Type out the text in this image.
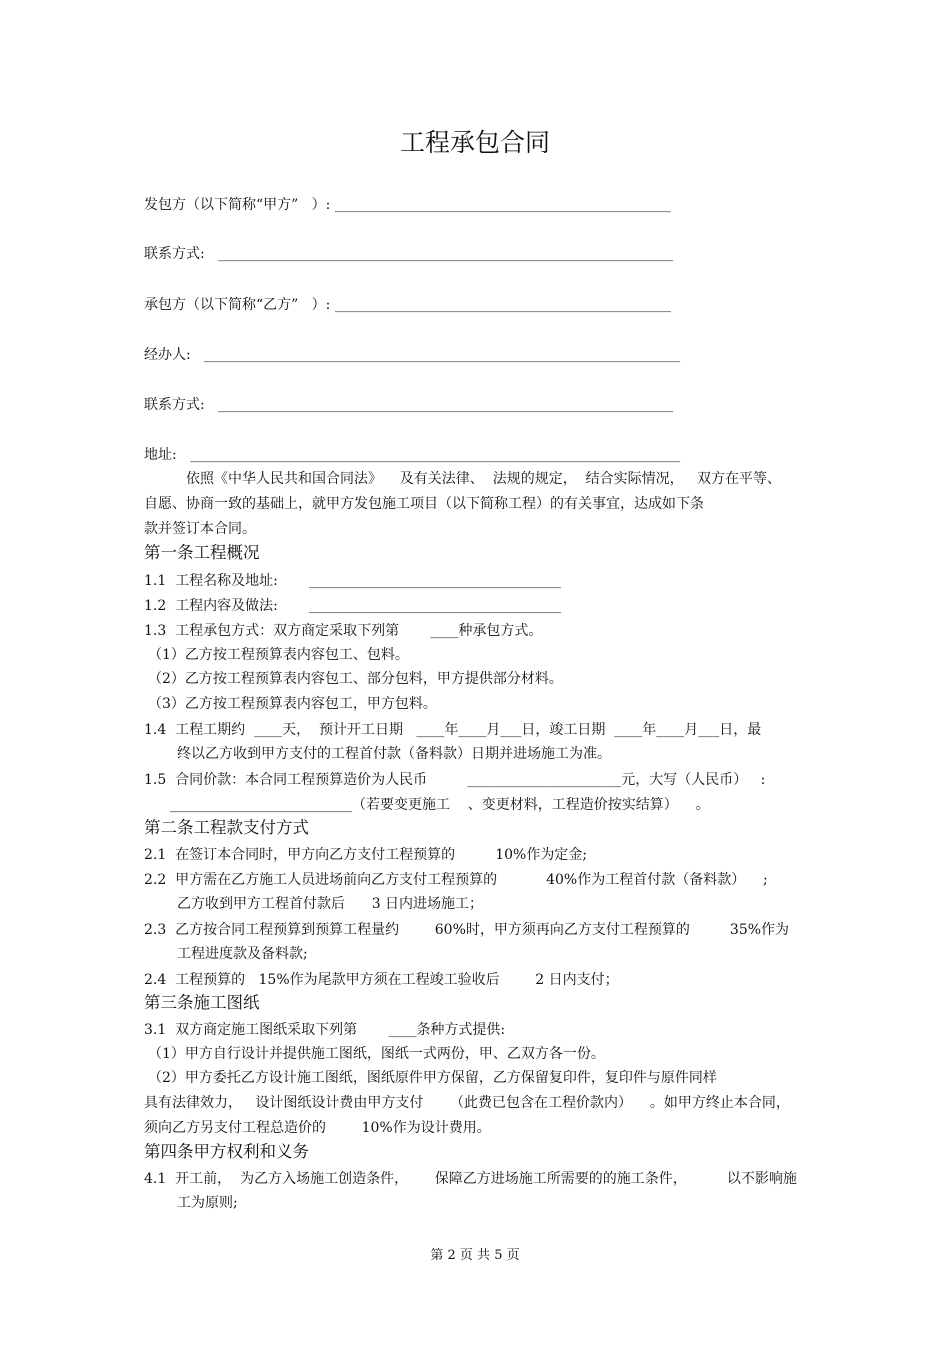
工程承包合同
发包方（以下简称“甲方”   ）: ________________________________________________
联系方式:   _________________________________________________________________
承包方（以下简称“乙方”   ）: ________________________________________________
经办人:   ____________________________________________________________________
联系方式:   _________________________________________________________________
地址:   ______________________________________________________________________
依照《中华人民共和国合同法》    及有关法律、  法规的规定，  结合实际情况，   双方在平等、
自愿、协商一致的基础上，就甲方发包施工项目（以下简称工程）的有关事宜，达成如下条
款并签订本合同。
第一条工程概况
1.1  工程名称及地址:       ____________________________________
1.2  工程内容及做法:       ____________________________________
1.3  工程承包方式：双方商定采取下列第       ____种承包方式。
（1）乙方按工程预算表内容包工、包料。
（2）乙方按工程预算表内容包工、部分包料，甲方提供部分材料。
（3）乙方按工程预算表内容包工，甲方包料。
1.4  工程工期约  ____天，  预计开工日期   ____年____月___日，竣工日期  ____年____月___日，最
终以乙方收到甲方支付的工程首付款（备料款）日期并进场施工为准。
1.5  合同价款：本合同工程预算造价为人民币         ______________________元，大写（人民币）   :
__________________________（若要变更施工    、变更材料，工程造价按实结算）    。
第二条工程款支付方式
2.1  在签订本合同时，甲方向乙方支付工程预算的         10%作为定金;
2.2  甲方需在乙方施工人员进场前向乙方支付工程预算的           40%作为工程首付款（备料款）    ;
乙方收到甲方工程首付款后      3 日内进场施工；
2.3  乙方按合同工程预算到预算工程量约        60%时，甲方须再向乙方支付工程预算的         35%作为
工程进度款及备料款;
2.4  工程预算的   15%作为尾款甲方须在工程竣工验收后        2 日内支付；
第三条施工图纸
3.1  双方商定施工图纸采取下列第       ____条种方式提供:
（1）甲方自行设计并提供施工图纸，图纸一式两份，甲、乙双方各一份。
（2）甲方委托乙方设计施工图纸，图纸原件甲方保留，乙方保留复印件，复印件与原件同样
具有法律效力，   设计图纸设计费由甲方支付      （此费已包含在工程价款内）    。如甲方终止本合同，
须向乙方另支付工程总造价的        10%作为设计费用。
第四条甲方权利和义务
4.1  开工前，  为乙方入场施工创造条件，      保障乙方进场施工所需要的的施工条件，         以不影响施
工为原则;
第 2 页 共 5 页
